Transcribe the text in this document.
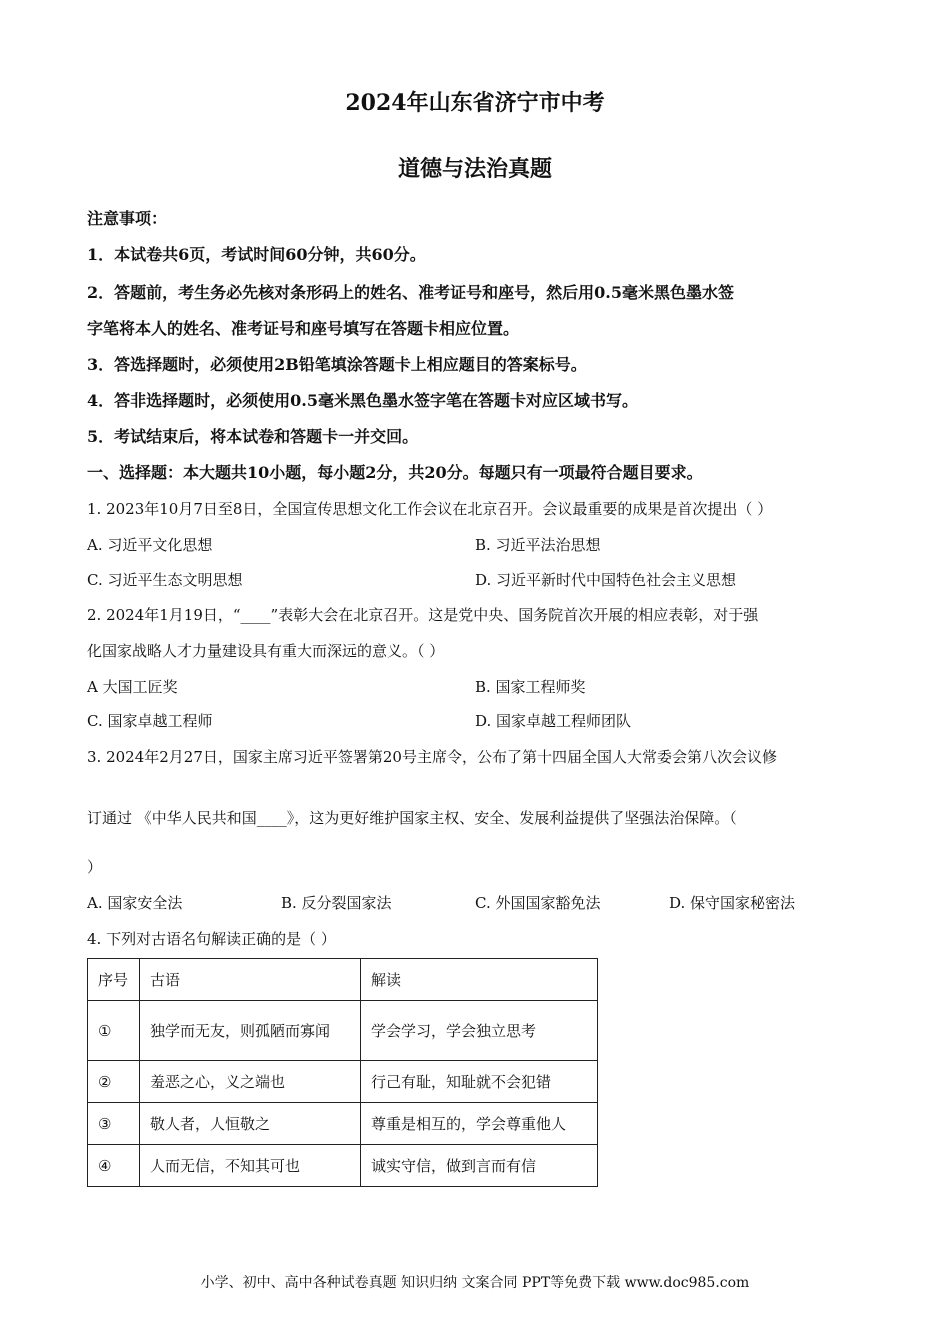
2024年山东省济宁市中考
道德与法治真题
注意事项：
1．本试卷共6页，考试时间60分钟，共60分。
2．答题前，考生务必先核对条形码上的姓名、准考证号和座号，然后用0.5毫米黑色墨水签
字笔将本人的姓名、准考证号和座号填写在答题卡相应位置。
3．答选择题时，必须使用2B铅笔填涂答题卡上相应题目的答案标号。
4．答非选择题时，必须使用0.5毫米黑色墨水签字笔在答题卡对应区域书写。
5．考试结束后，将本试卷和答题卡一并交回。
一、选择题：本大题共10小题，每小题2分，共20分。每题只有一项最符合题目要求。
1. 2023年10月7日至8日，全国宣传思想文化工作会议在北京召开。会议最重要的成果是首次提出（ ）
A. 习近平文化思想	B. 习近平法治思想
C. 习近平生态文明思想	D. 习近平新时代中国特色社会主义思想
2. 2024年1月19日，“____”表彰大会在北京召开。这是党中央、国务院首次开展的相应表彰，对于强
化国家战略人才力量建设具有重大而深远的意义。（ ）
A 大国工匠奖	B. 国家工程师奖
C. 国家卓越工程师	D. 国家卓越工程师团队
3. 2024年2月27日，国家主席习近平签署第20号主席令，公布了第十四届全国人大常委会第八次会议修
订通过 《中华人民共和国____》，这为更好维护国家主权、安全、发展利益提供了坚强法治保障。（
）
A. 国家安全法	B. 反分裂国家法	C. 外国国家豁免法	D. 保守国家秘密法
4. 下列对古语名句解读正确的是（ ）
序号	古语	解读
①	独学而无友，则孤陋而寡闻	学会学习，学会独立思考
②	羞恶之心，义之端也	行己有耻，知耻就不会犯错
③	敬人者，人恒敬之	尊重是相互的，学会尊重他人
④	人而无信，不知其可也	诚实守信，做到言而有信
小学、初中、高中各种试卷真题 知识归纳 文案合同 PPT等免费下载 www.doc985.com
